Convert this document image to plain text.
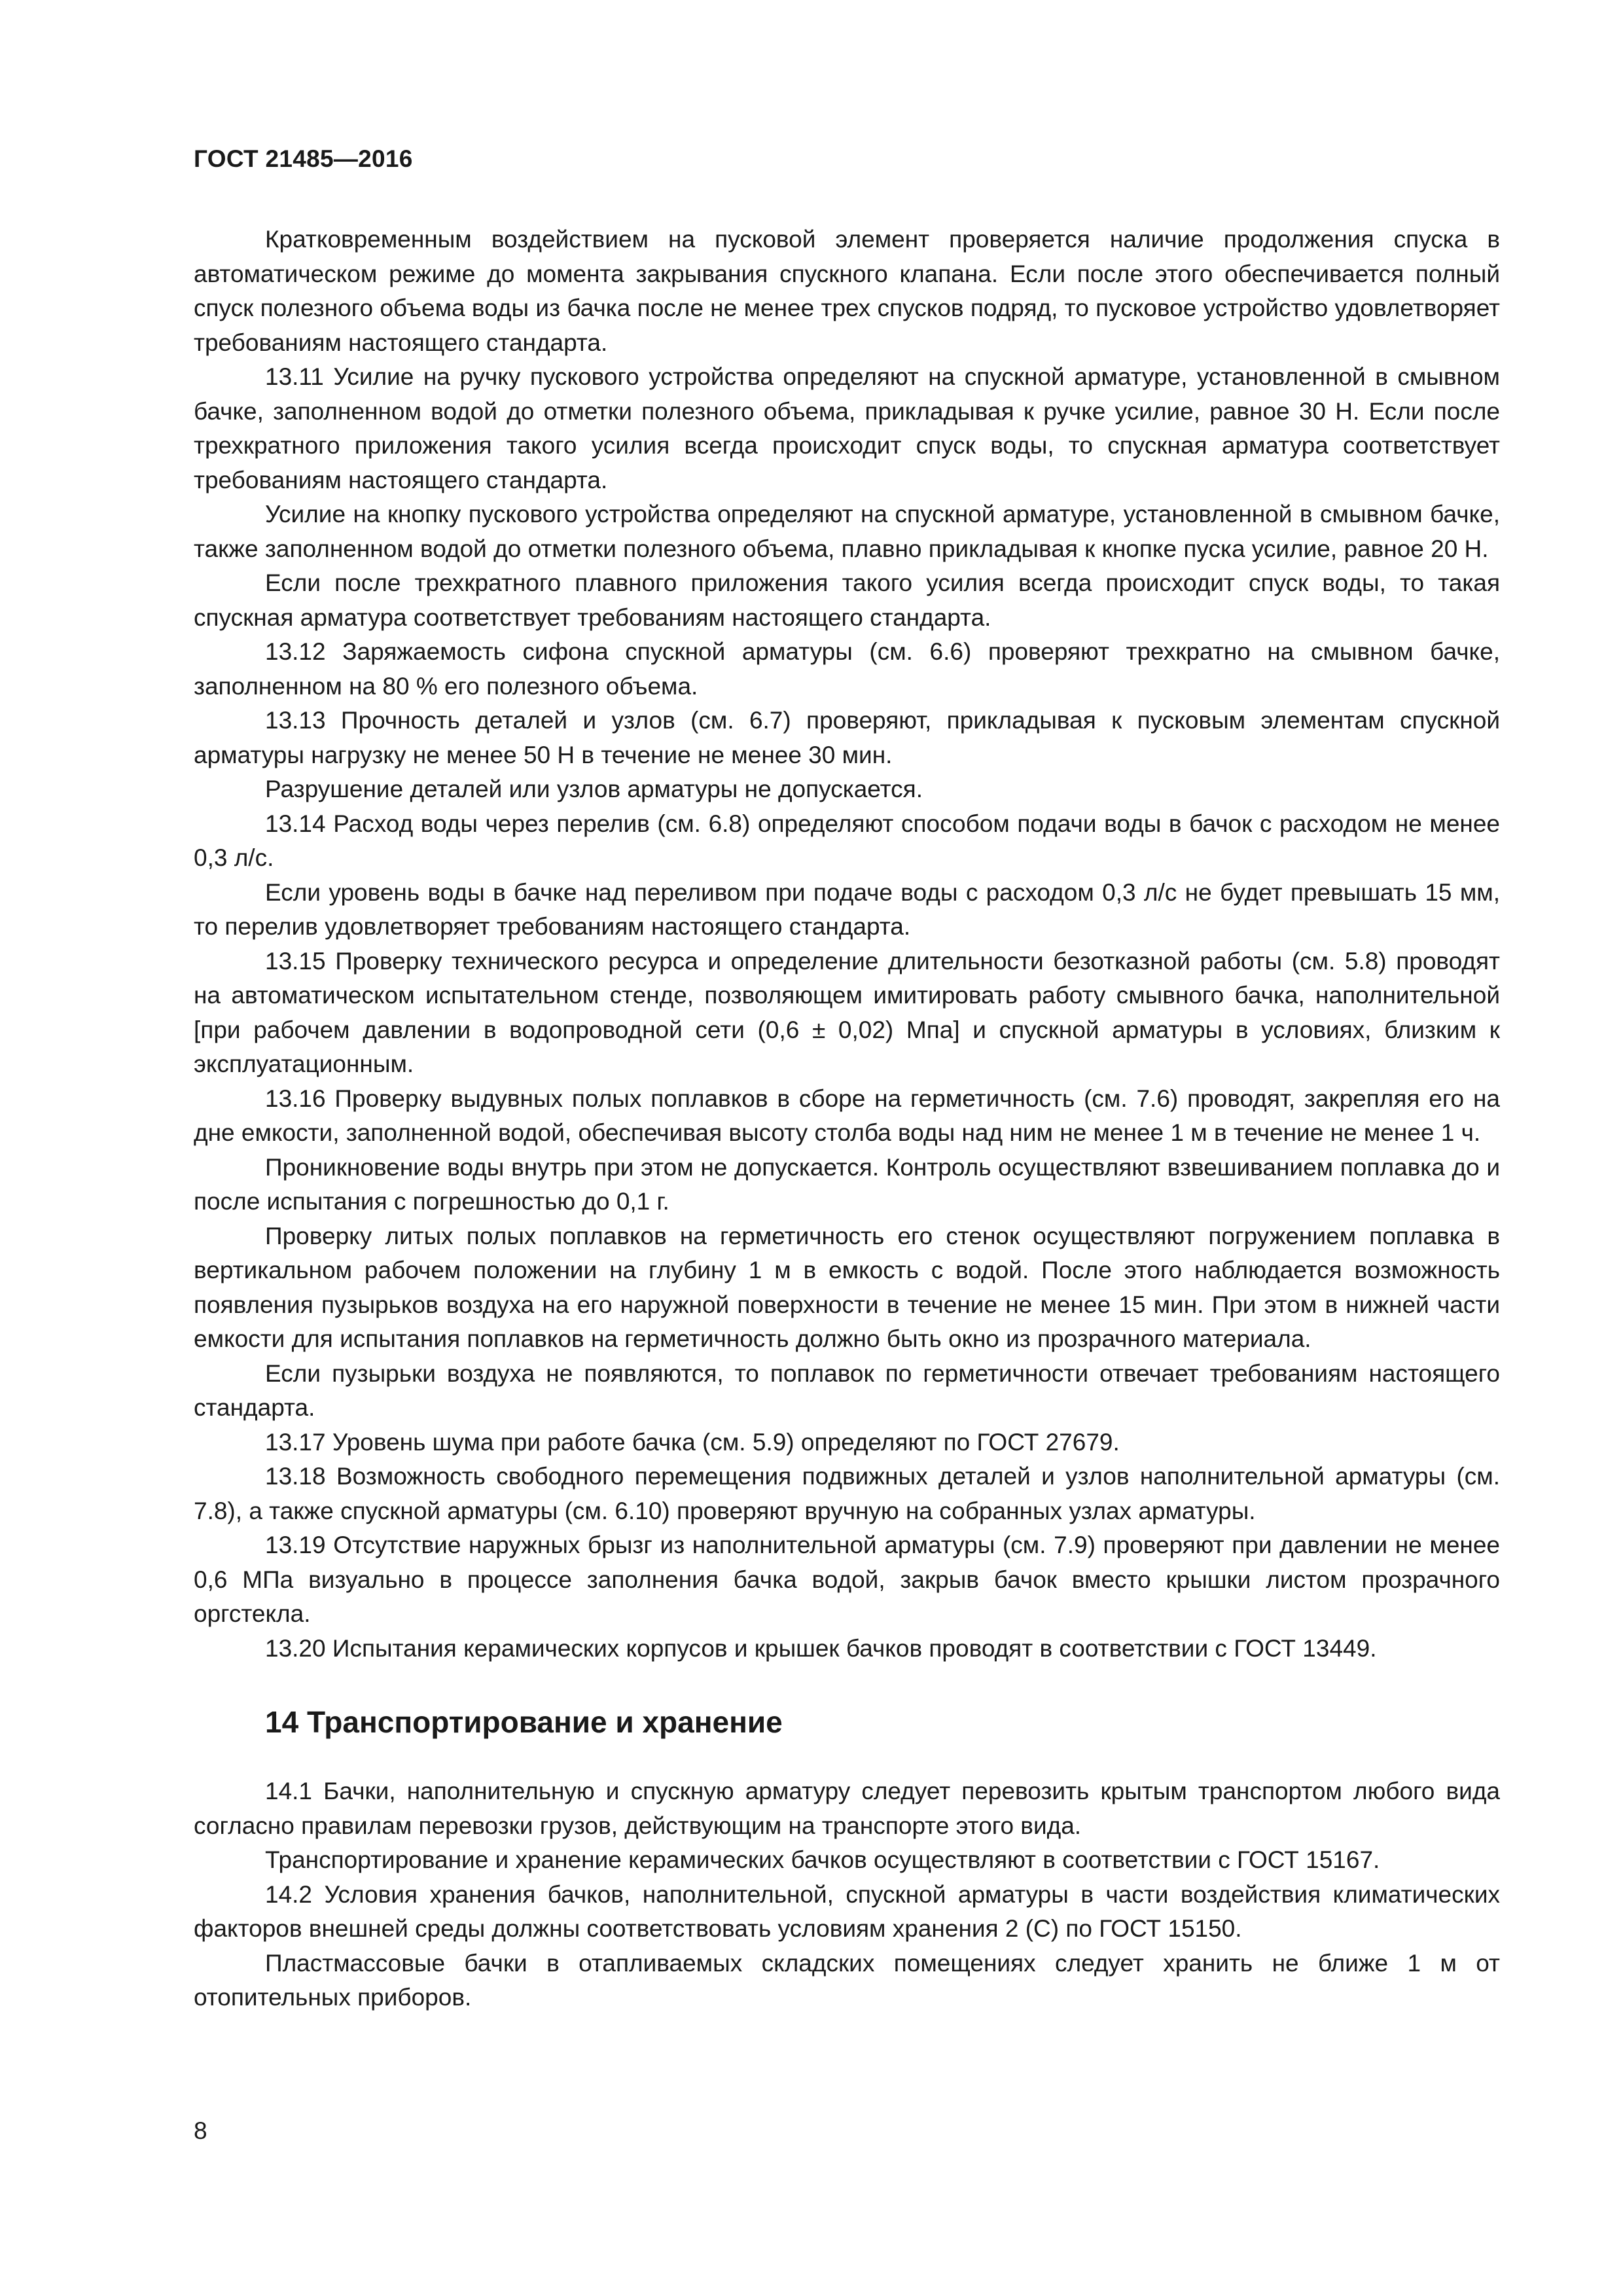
ГОСТ 21485—2016

Кратковременным воздействием на пусковой элемент проверяется наличие продолжения спуска в автоматическом режиме до момента закрывания спускного клапана. Если после этого обеспечивается полный спуск полезного объема воды из бачка после не менее трех спусков подряд, то пусковое устройство удовлетворяет требованиям настоящего стандарта.

13.11 Усилие на ручку пускового устройства определяют на спускной арматуре, установленной в смывном бачке, заполненном водой до отметки полезного объема, прикладывая к ручке усилие, равное 30 Н. Если после трехкратного приложения такого усилия всегда происходит спуск воды, то спускная арматура соответствует требованиям настоящего стандарта.

Усилие на кнопку пускового устройства определяют на спускной арматуре, установленной в смывном бачке, также заполненном водой до отметки полезного объема, плавно прикладывая к кнопке пуска усилие, равное 20 Н.

Если после трехкратного плавного приложения такого усилия всегда происходит спуск воды, то такая спускная арматура соответствует требованиям настоящего стандарта.

13.12 Заряжаемость сифона спускной арматуры (см. 6.6) проверяют трехкратно на смывном бачке, заполненном на 80 % его полезного объема.

13.13 Прочность деталей и узлов (см. 6.7) проверяют, прикладывая к пусковым элементам спускной арматуры нагрузку не менее 50 Н в течение не менее 30 мин.

Разрушение деталей или узлов арматуры не допускается.

13.14 Расход воды через перелив (см. 6.8) определяют способом подачи воды в бачок с расходом не менее 0,3 л/с.

Если уровень воды в бачке над переливом при подаче воды с расходом 0,3 л/с не будет превышать 15 мм, то перелив удовлетворяет требованиям настоящего стандарта.

13.15 Проверку технического ресурса и определение длительности безотказной работы (см. 5.8) проводят на автоматическом испытательном стенде, позволяющем имитировать работу смывного бачка, наполнительной [при рабочем давлении в водопроводной сети (0,6 ± 0,02) Мпа] и спускной арматуры в условиях, близким к эксплуатационным.

13.16 Проверку выдувных полых поплавков в сборе на герметичность (см. 7.6) проводят, закрепляя его на дне емкости, заполненной водой, обеспечивая высоту столба воды над ним не менее 1 м в течение не менее 1 ч.

Проникновение воды внутрь при этом не допускается. Контроль осуществляют взвешиванием поплавка до и после испытания с погрешностью до 0,1 г.

Проверку литых полых поплавков на герметичность его стенок осуществляют погружением поплавка в вертикальном рабочем положении на глубину 1 м в емкость с водой. После этого наблюдается возможность появления пузырьков воздуха на его наружной поверхности в течение не менее 15 мин. При этом в нижней части емкости для испытания поплавков на герметичность должно быть окно из прозрачного материала.

Если пузырьки воздуха не появляются, то поплавок по герметичности отвечает требованиям настоящего стандарта.

13.17 Уровень шума при работе бачка (см. 5.9) определяют по ГОСТ 27679.

13.18 Возможность свободного перемещения подвижных деталей и узлов наполнительной арматуры (см. 7.8), а также спускной арматуры (см. 6.10) проверяют вручную на собранных узлах арматуры.

13.19 Отсутствие наружных брызг из наполнительной арматуры (см. 7.9) проверяют при давлении не менее 0,6 МПа визуально в процессе заполнения бачка водой, закрыв бачок вместо крышки листом прозрачного оргстекла.

13.20 Испытания керамических корпусов и крышек бачков проводят в соответствии с ГОСТ 13449.

14 Транспортирование и хранение

14.1 Бачки, наполнительную и спускную арматуру следует перевозить крытым транспортом любого вида согласно правилам перевозки грузов, действующим на транспорте этого вида.

Транспортирование и хранение керамических бачков осуществляют в соответствии с ГОСТ 15167.

14.2 Условия хранения бачков, наполнительной, спускной арматуры в части воздействия климатических факторов внешней среды должны соответствовать условиям хранения 2 (С) по ГОСТ 15150.

Пластмассовые бачки в отапливаемых складских помещениях следует хранить не ближе 1 м от отопительных приборов.

8
